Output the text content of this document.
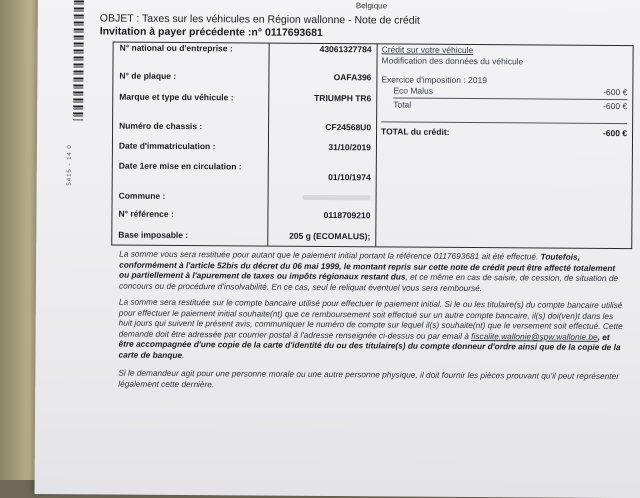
5415 - 14 0
Belgique
OBJET : Taxes sur les véhicules en Région wallonne - Note de crédit
Invitation à payer précédente :n° 0117693681
N° national ou d'entreprise :	43061327784
N° de plaque :	OAFA396
Marque et type du véhicule :	TRIUMPH TR6
Numéro de chassis :	CF24568U0
Date d'immatriculation :	31/10/2019
Date 1ere mise en circulation :
01/10/1974
Commune :
N° référence :	0118709210
Base imposable :	205 g (ECOMALUS);
Crédit sur votre véhicule
Modification des données du véhicule
Exercice d'imposition : 2019
Eco Malus	-600 €
Total	-600 €
TOTAL du crédit:	-600 €
La somme vous sera restituée pour autant que le paiement initial portant la référence 0117693681 ait été effectué. Toutefois, conformément à l'article 52bis du décret du 06 mai 1999, le montant repris sur cette note de crédit peut être affecté totalement ou partiellement à l'apurement de taxes ou impôts régionaux restant dus, et ce même en cas de saisie, de cession, de situation de concours ou de procédure d'insolvabilité. En ce cas, seul le reliquat éventuel vous sera remboursé.
La somme sera restituée sur le compte bancaire utilisé pour effectuer le paiement initial. Si le ou les titulaire(s) du compte bancaire utilisé pour effectuer le paiement initial souhaite(nt) que ce remboursement soit effectué sur un autre compte bancaire, il(s) doi(ven)t dans les huit jours qui suivent le présent avis, communiquer le numéro de compte sur lequel il(s) souhaite(nt) que le versement soit effectué. Cette demande doit être adressée par courrier postal à l'adresse renseignée ci-dessus ou par email à fiscalite.wallonie@spw.wallonie.be, et être accompagnée d'une copie de la carte d'identité du ou des titulaire(s) du compte donneur d'ordre ainsi que de la copie de la carte de banque.
Si le demandeur agit pour une personne morale ou une autre personne physique, il doit fournir les pièces prouvant qu'il peut représenter légalement cette dernière.
